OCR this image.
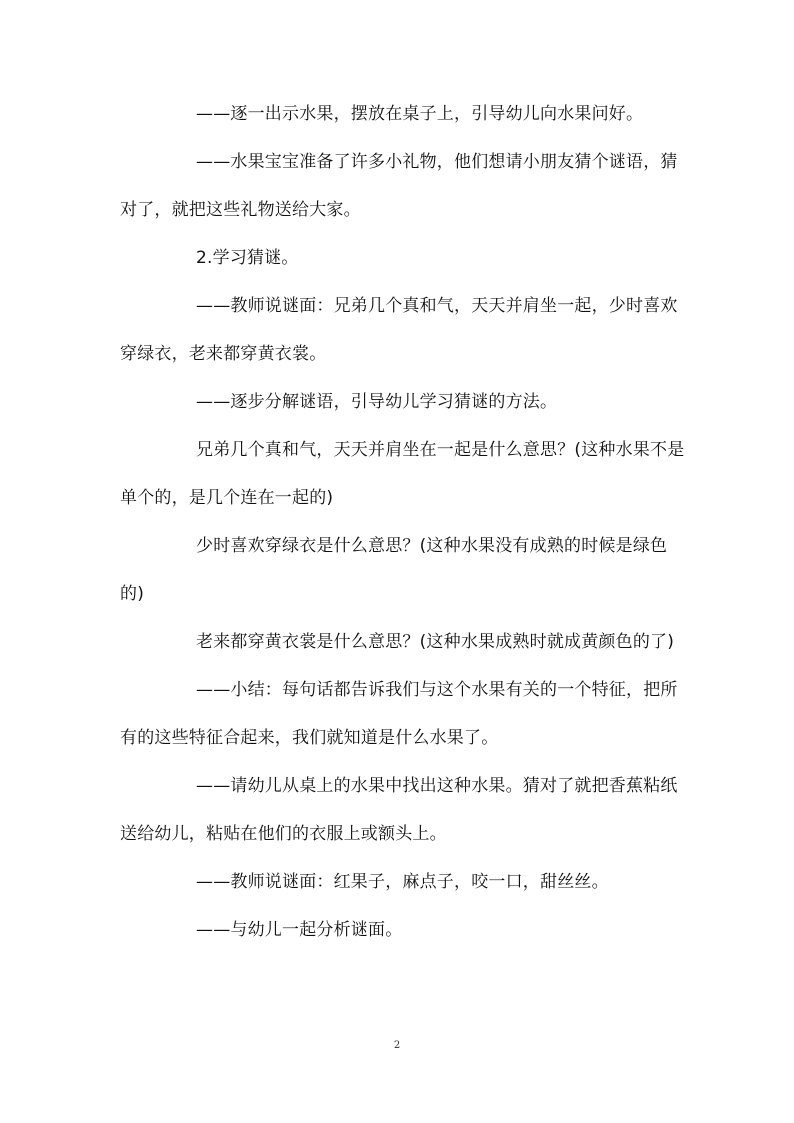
——逐一出示水果，摆放在桌子上，引导幼儿向水果问好。

——水果宝宝准备了许多小礼物，他们想请小朋友猜个谜语，猜对了，就把这些礼物送给大家。

2.学习猜谜。

——教师说谜面：兄弟几个真和气，天天并肩坐一起，少时喜欢穿绿衣，老来都穿黄衣裳。

——逐步分解谜语，引导幼儿学习猜谜的方法。

兄弟几个真和气，天天并肩坐在一起是什么意思？(这种水果不是单个的，是几个连在一起的)

少时喜欢穿绿衣是什么意思？(这种水果没有成熟的时候是绿色的)

老来都穿黄衣裳是什么意思？(这种水果成熟时就成黄颜色的了)

——小结：每句话都告诉我们与这个水果有关的一个特征，把所有的这些特征合起来，我们就知道是什么水果了。

——请幼儿从桌上的水果中找出这种水果。猜对了就把香蕉粘纸送给幼儿，粘贴在他们的衣服上或额头上。

——教师说谜面：红果子，麻点子，咬一口，甜丝丝。

——与幼儿一起分析谜面。

2
